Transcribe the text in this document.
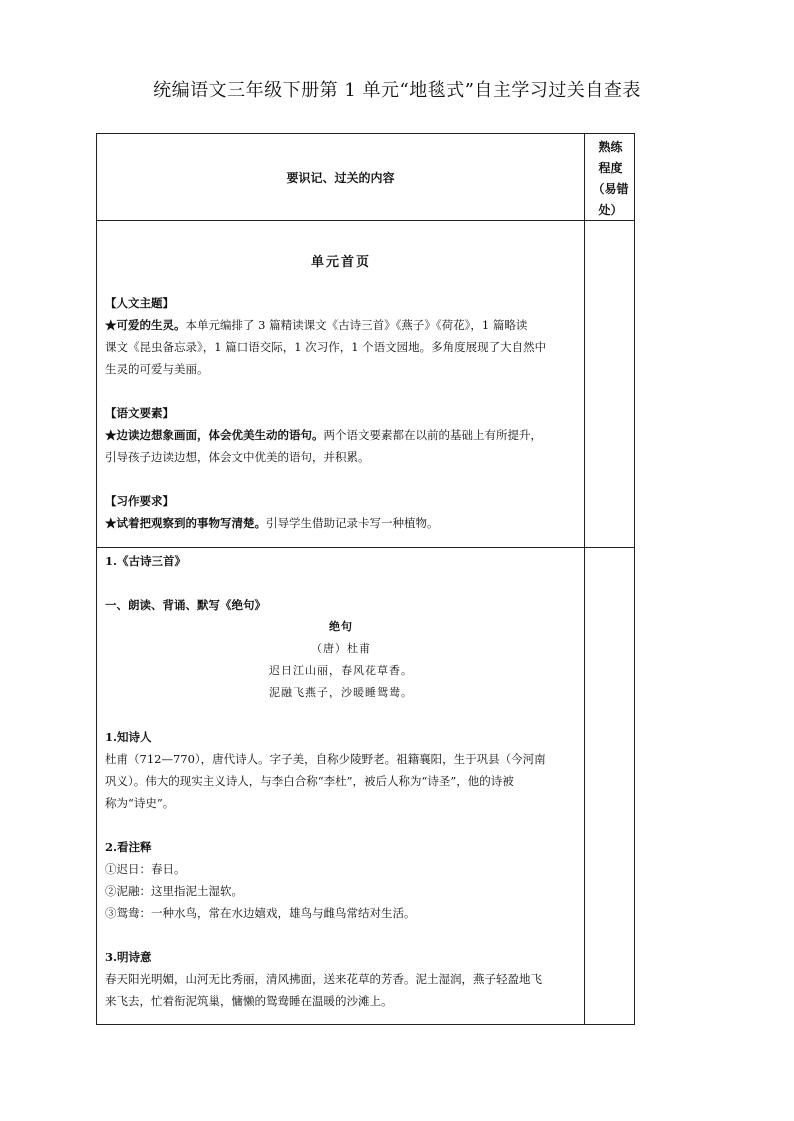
统编语文三年级下册第 1 单元“地毯式”自主学习过关自查表
要识记、过关的内容
熟练
程度
（易错
处）
单元首页
【人文主题】
★可爱的生灵。本单元编排了 3 篇精读课文《古诗三首》《燕子》《荷花》，1 篇略读
课文《昆虫备忘录》，1 篇口语交际，1 次习作，1 个语文园地。多角度展现了大自然中
生灵的可爱与美丽。
【语文要素】
★边读边想象画面，体会优美生动的语句。两个语文要素都在以前的基础上有所提升，
引导孩子边读边想，体会文中优美的语句，并积累。
【习作要求】
★试着把观察到的事物写清楚。引导学生借助记录卡写一种植物。
1.《古诗三首》
一、朗读、背诵、默写《绝句》
绝句
（唐）杜甫
迟日江山丽，春风花草香。
泥融飞燕子，沙暖睡鸳鸯。
1.知诗人
杜甫（712—770），唐代诗人。字子美，自称少陵野老。祖籍襄阳，生于巩县（今河南
巩义）。伟大的现实主义诗人，与李白合称“李杜”，被后人称为“诗圣”，他的诗被
称为“诗史”。
2.看注释
①迟日：春日。
②泥融：这里指泥土湿软。
③鸳鸯：一种水鸟，常在水边嬉戏，雄鸟与雌鸟常结对生活。
3.明诗意
春天阳光明媚，山河无比秀丽，清风拂面，送来花草的芳香。泥土湿润，燕子轻盈地飞
来飞去，忙着衔泥筑巢，慵懒的鸳鸯睡在温暖的沙滩上。
